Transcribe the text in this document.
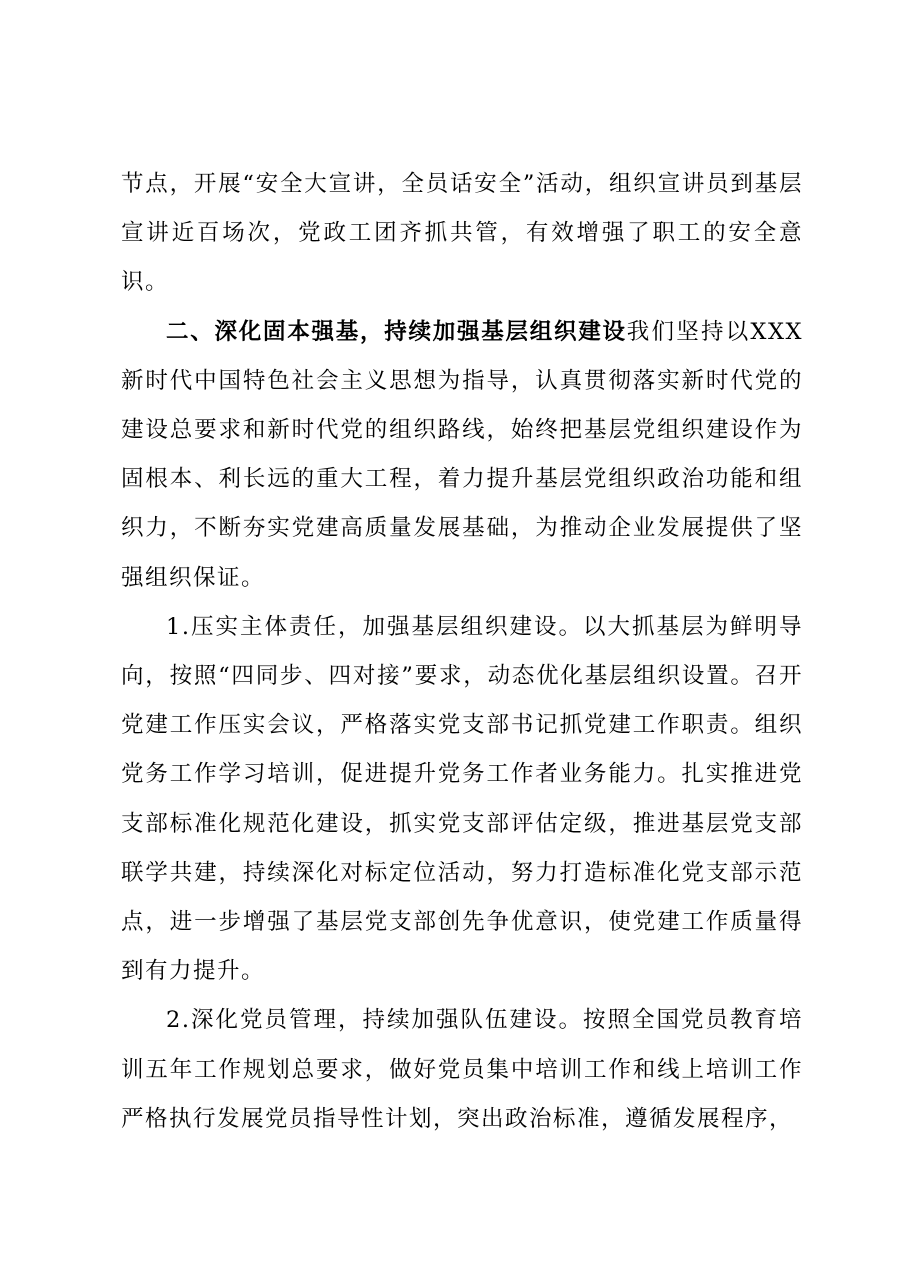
节点，开展“安全大宣讲，全员话安全”活动，组织宣讲员到基层宣讲近百场次，党政工团齐抓共管，有效增强了职工的安全意识。

二、深化固本强基，持续加强基层组织建设我们坚持以XXX新时代中国特色社会主义思想为指导，认真贯彻落实新时代党的建设总要求和新时代党的组织路线，始终把基层党组织建设作为固根本、利长远的重大工程，着力提升基层党组织政治功能和组织力，不断夯实党建高质量发展基础，为推动企业发展提供了坚强组织保证。

1.压实主体责任，加强基层组织建设。以大抓基层为鲜明导向，按照“四同步、四对接”要求，动态优化基层组织设置。召开党建工作压实会议，严格落实党支部书记抓党建工作职责。组织党务工作学习培训，促进提升党务工作者业务能力。扎实推进党支部标准化规范化建设，抓实党支部评估定级，推进基层党支部联学共建，持续深化对标定位活动，努力打造标准化党支部示范点，进一步增强了基层党支部创先争优意识，使党建工作质量得到有力提升。

2.深化党员管理，持续加强队伍建设。按照全国党员教育培训五年工作规划总要求，做好党员集中培训工作和线上培训工作严格执行发展党员指导性计划，突出政治标准，遵循发展程序，
